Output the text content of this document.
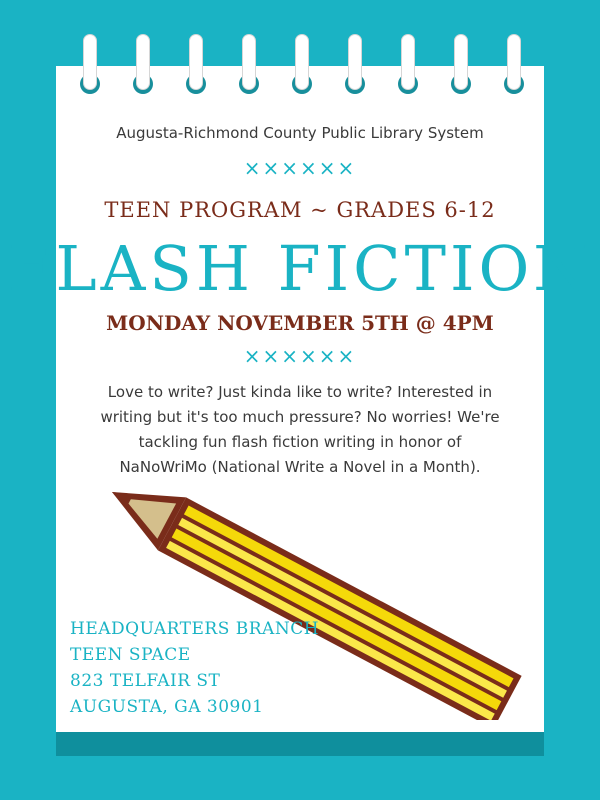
Augusta-Richmond County Public Library System
××××××
TEEN PROGRAM ~ GRADES 6-12
FLASH FICTION
MONDAY NOVEMBER 5TH @ 4PM
××××××
Love to write? Just kinda like to write? Interested in writing but it's too much pressure? No worries! We're tackling fun flash fiction writing in honor of NaNoWriMo (National Write a Novel in a Month).
HEADQUARTERS BRANCH
TEEN SPACE
823 TELFAIR ST
AUGUSTA, GA 30901
